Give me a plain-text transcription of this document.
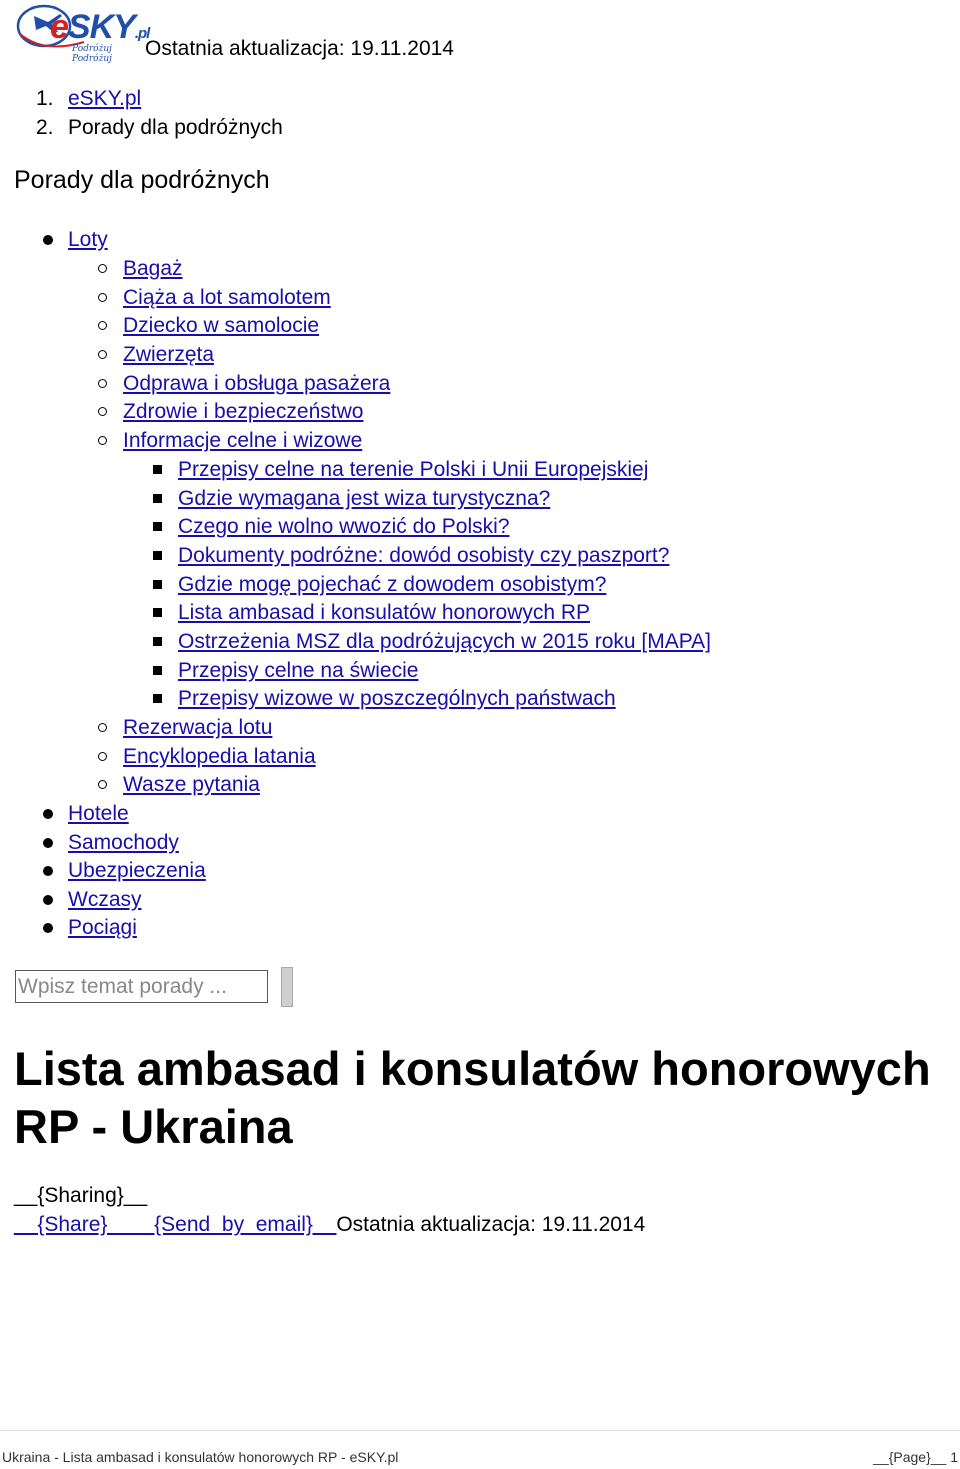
eSKY.pl
Podróżuj Podróżuj	Ostatnia aktualizacja: 19.11.2014
1. eSKY.pl
2. Porady dla podróżnych
Porady dla podróżnych
Loty
Bagaż
Ciąża a lot samolotem
Dziecko w samolocie
Zwierzęta
Odprawa i obsługa pasażera
Zdrowie i bezpieczeństwo
Informacje celne i wizowe
Przepisy celne na terenie Polski i Unii Europejskiej
Gdzie wymagana jest wiza turystyczna?
Czego nie wolno wwozić do Polski?
Dokumenty podróżne: dowód osobisty czy paszport?
Gdzie mogę pojechać z dowodem osobistym?
Lista ambasad i konsulatów honorowych RP
Ostrzeżenia MSZ dla podróżujących w 2015 roku [MAPA]
Przepisy celne na świecie
Przepisy wizowe w poszczególnych państwach
Rezerwacja lotu
Encyklopedia latania
Wasze pytania
Hotele
Samochody
Ubezpieczenia
Wczasy
Pociągi
Wpisz temat porady ...
Lista ambasad i konsulatów honorowych RP - Ukraina
__{Sharing}__
__{Share}____{Send_by_email}__Ostatnia aktualizacja: 19.11.2014
Ukraina - Lista ambasad i konsulatów honorowych RP - eSKY.pl	__{Page}__ 1
